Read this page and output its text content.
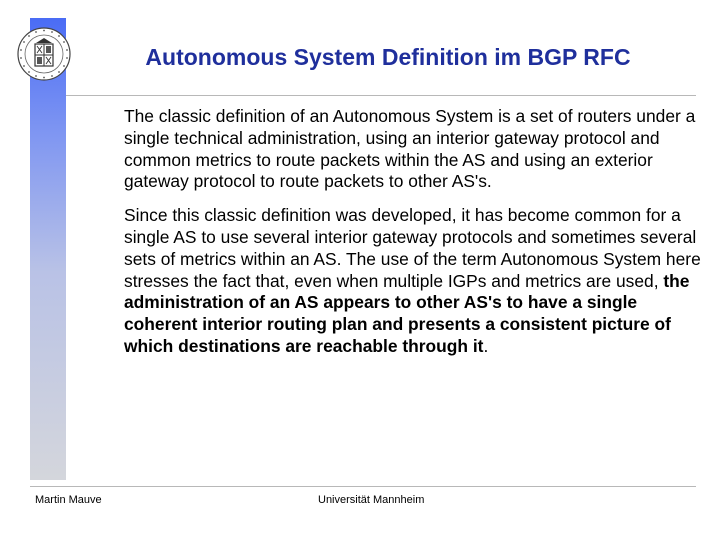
Autonomous System Definition im BGP RFC

The classic definition of an Autonomous System is a set of routers under a single technical administration, using an interior gateway protocol and common metrics to route packets within the AS and using an exterior gateway protocol to route packets to other AS's.

Since this classic definition was developed, it has become common for a single AS to use several interior gateway protocols and sometimes several sets of metrics within an AS. The use of the term Autonomous System here stresses the fact that, even when multiple IGPs and metrics are used, the administration of an AS appears to other AS's to have a single coherent interior routing plan and presents a consistent picture of which destinations are reachable through it.

Martin Mauve	Universität Mannheim
